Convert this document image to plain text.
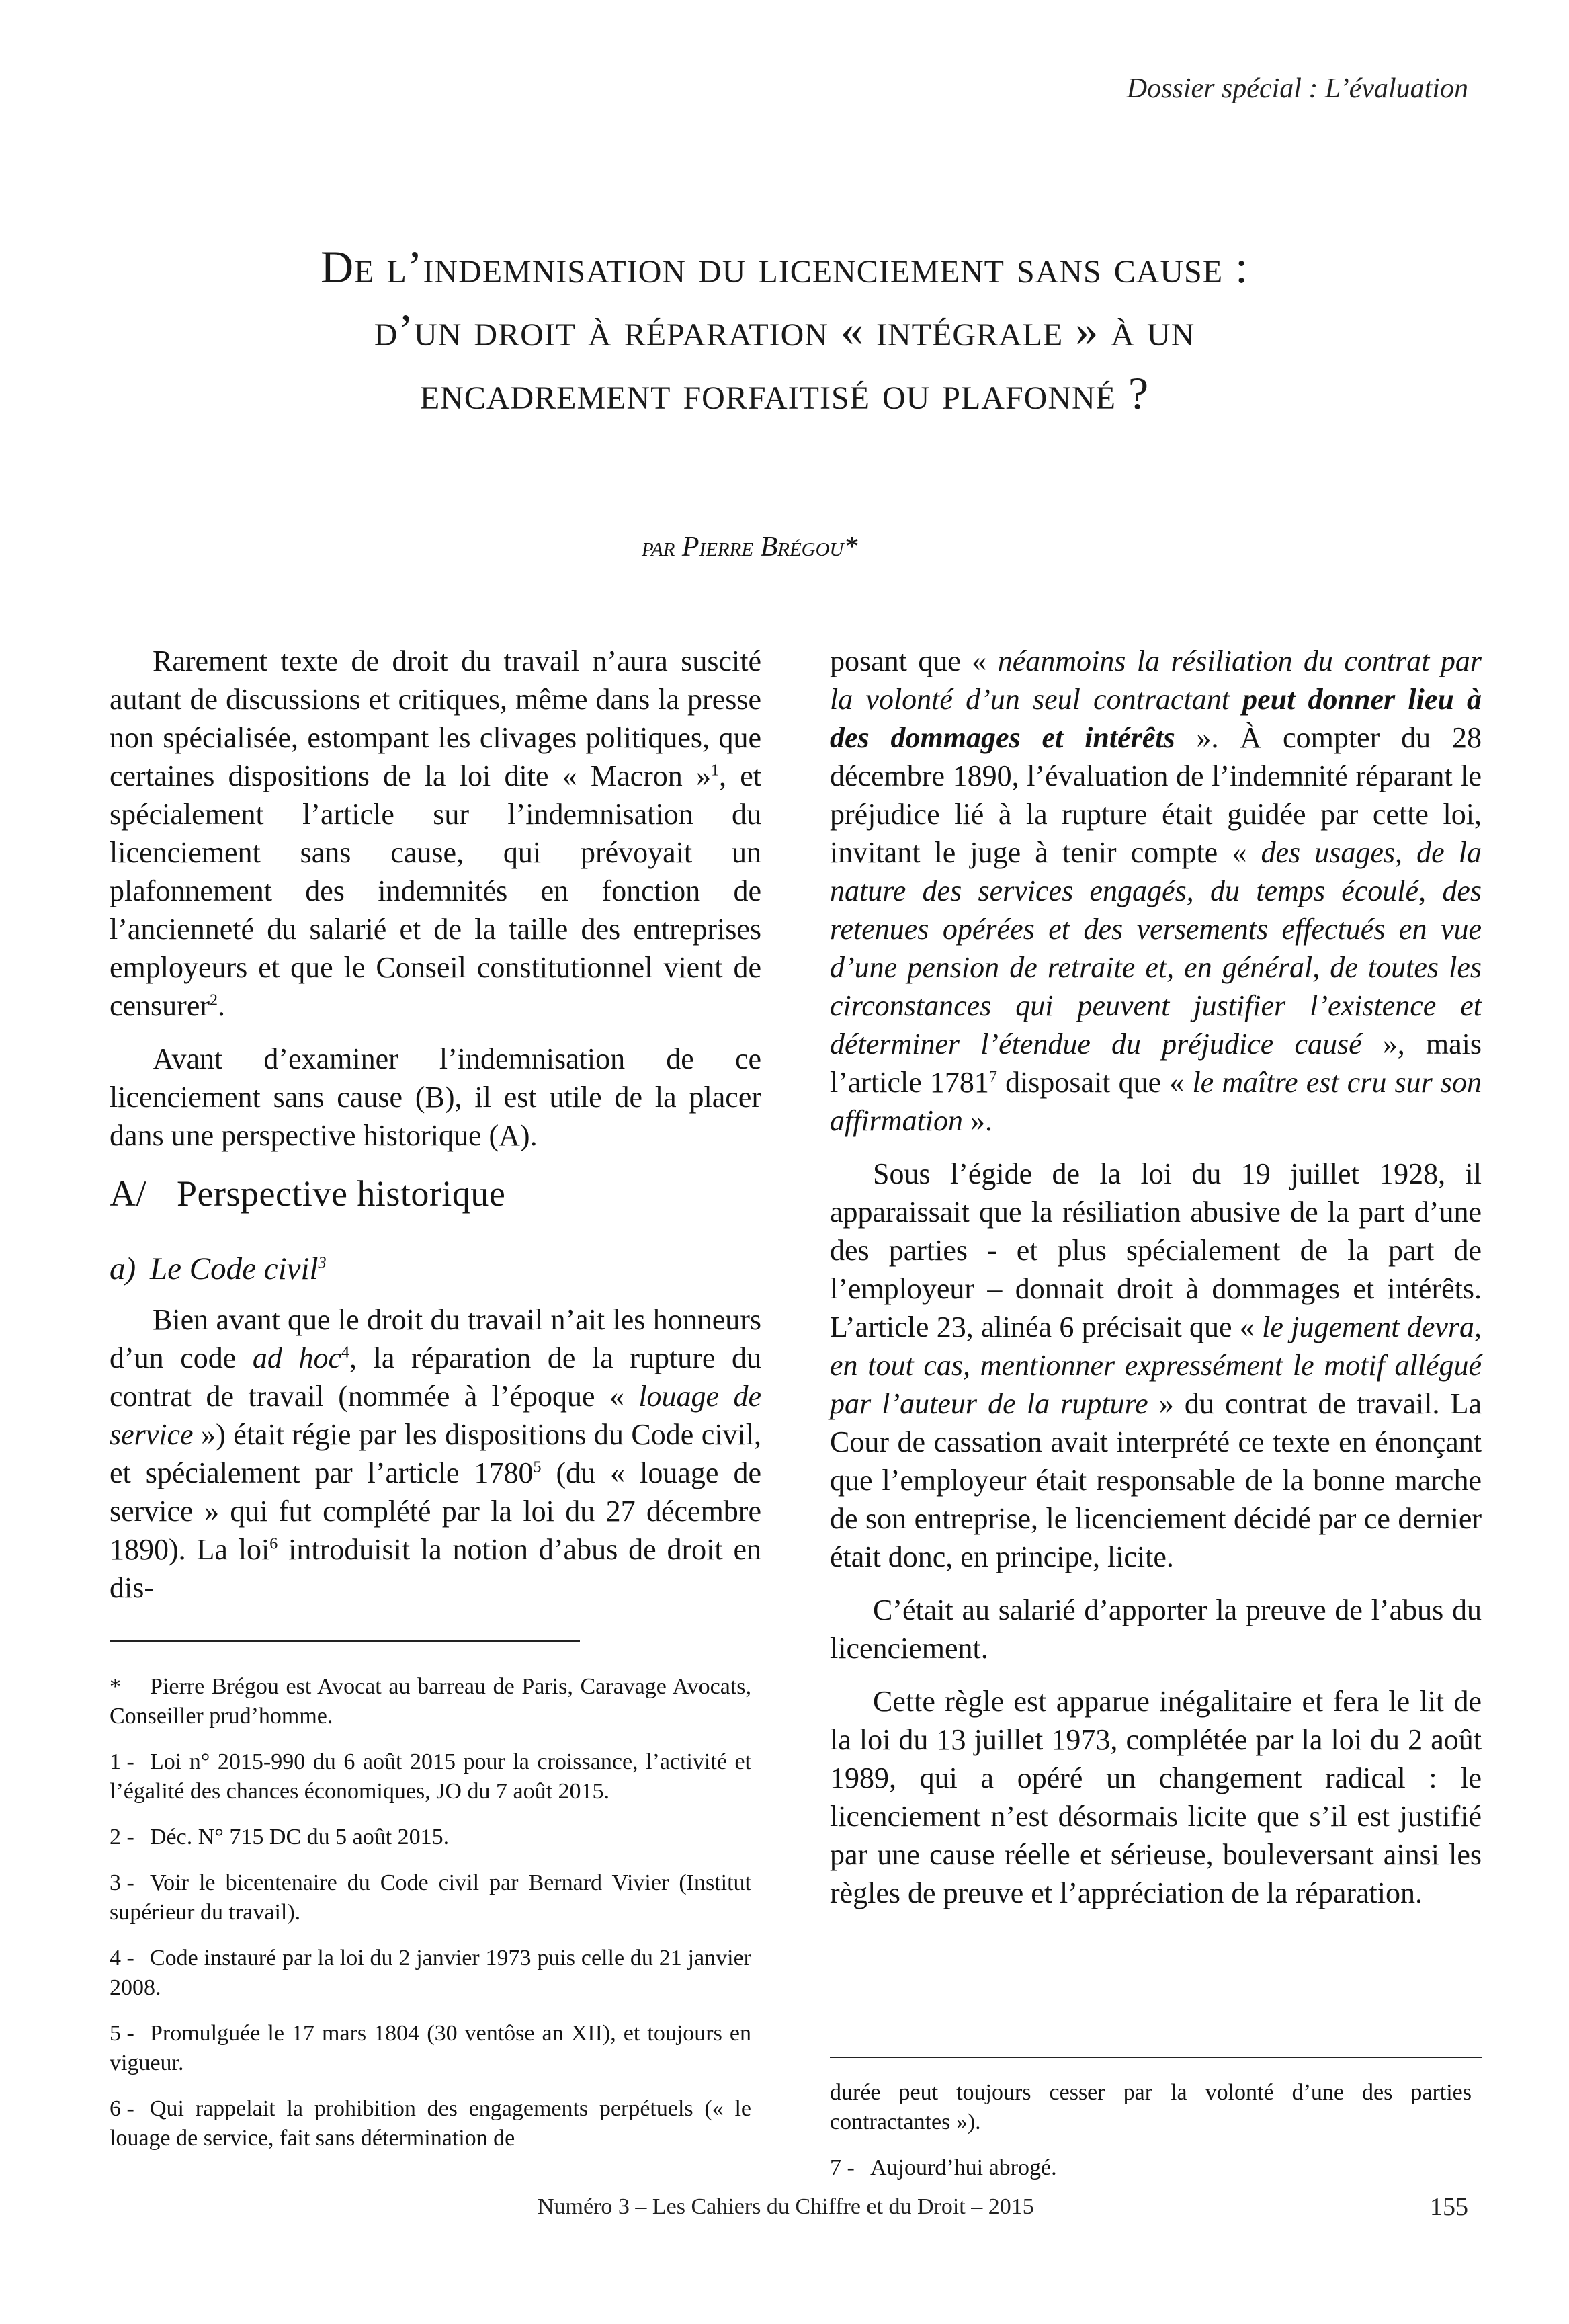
Dossier spécial : L’évaluation
De l’indemnisation du licenciement sans cause :
d’un droit à réparation « intégrale » à un
encadrement forfaitisé ou plafonné ?
par Pierre Brégou*

Rarement texte de droit du travail n’aura suscité autant de discussions et critiques, même dans la presse non spécialisée, estompant les clivages politiques, que certaines dispositions de la loi dite « Macron »$^1$, et spécialement l’article sur l’indemnisation du licenciement sans cause, qui prévoyait un plafonnement des indemnités en fonction de l’ancienneté du salarié et de la taille des entreprises employeurs et que le Conseil constitutionnel vient de censurer$^2$.

Avant d’examiner l’indemnisation de ce licenciement sans cause (B), il est utile de la placer dans une perspective historique (A).

A/ Perspective historique
a) Le Code civil$^3$

Bien avant que le droit du travail n’ait les honneurs d’un code ad hoc$^4$, la réparation de la rupture du contrat de travail (nommée à l’époque « louage de service ») était régie par les dispositions du Code civil, et spécialement par l’article 1780$^5$ (du « louage de service » qui fut complété par la loi du 27 décembre 1890). La loi$^6$ introduisit la notion d’abus de droit en dis-

posant que « néanmoins la résiliation du contrat par la volonté d’un seul contractant peut donner lieu à des dommages et intérêts ». À compter du 28 décembre 1890, l’évaluation de l’indemnité réparant le préjudice lié à la rupture était guidée par cette loi, invitant le juge à tenir compte « des usages, de la nature des services engagés, du temps écoulé, des retenues opérées et des versements effectués en vue d’une pension de retraite et, en général, de toutes les circonstances qui peuvent justifier l’existence et déterminer l’étendue du préjudice causé », mais l’article 1781$^7$ disposait que « le maître est cru sur son affirmation ».

Sous l’égide de la loi du 19 juillet 1928, il apparaissait que la résiliation abusive de la part d’une des parties - et plus spécialement de la part de l’employeur – donnait droit à dommages et intérêts. L’article 23, alinéa 6 précisait que « le jugement devra, en tout cas, mentionner expressément le motif allégué par l’auteur de la rupture » du contrat de travail. La Cour de cassation avait interprété ce texte en énonçant que l’employeur était responsable de la bonne marche de son entreprise, le licenciement décidé par ce dernier était donc, en principe, licite.

C’était au salarié d’apporter la preuve de l’abus du licenciement.

Cette règle est apparue inégalitaire et fera le lit de la loi du 13 juillet 1973, complétée par la loi du 2 août 1989, qui a opéré un changement radical : le licenciement n’est désormais licite que s’il est justifié par une cause réelle et sérieuse, bouleversant ainsi les règles de preuve et l’appréciation de la réparation.

* Pierre Brégou est Avocat au barreau de Paris, Caravage Avocats, Conseiller prud’homme.

1 - Loi n° 2015-990 du 6 août 2015 pour la croissance, l’activité et l’égalité des chances économiques, JO du 7 août 2015.

2 - Déc. N° 715 DC du 5 août 2015.

3 - Voir le bicentenaire du Code civil par Bernard Vivier (Institut supérieur du travail).

4 - Code instauré par la loi du 2 janvier 1973 puis celle du 21 janvier 2008.

5 - Promulguée le 17 mars 1804 (30 ventôse an XII), et toujours en vigueur.

6 - Qui rappelait la prohibition des engagements perpétuels (« le louage de service, fait sans détermination de

durée peut toujours cesser par la volonté d’une des parties contractantes »).

7 - Aujourd’hui abrogé.

Numéro 3 – Les Cahiers du Chiffre et du Droit – 2015	155
